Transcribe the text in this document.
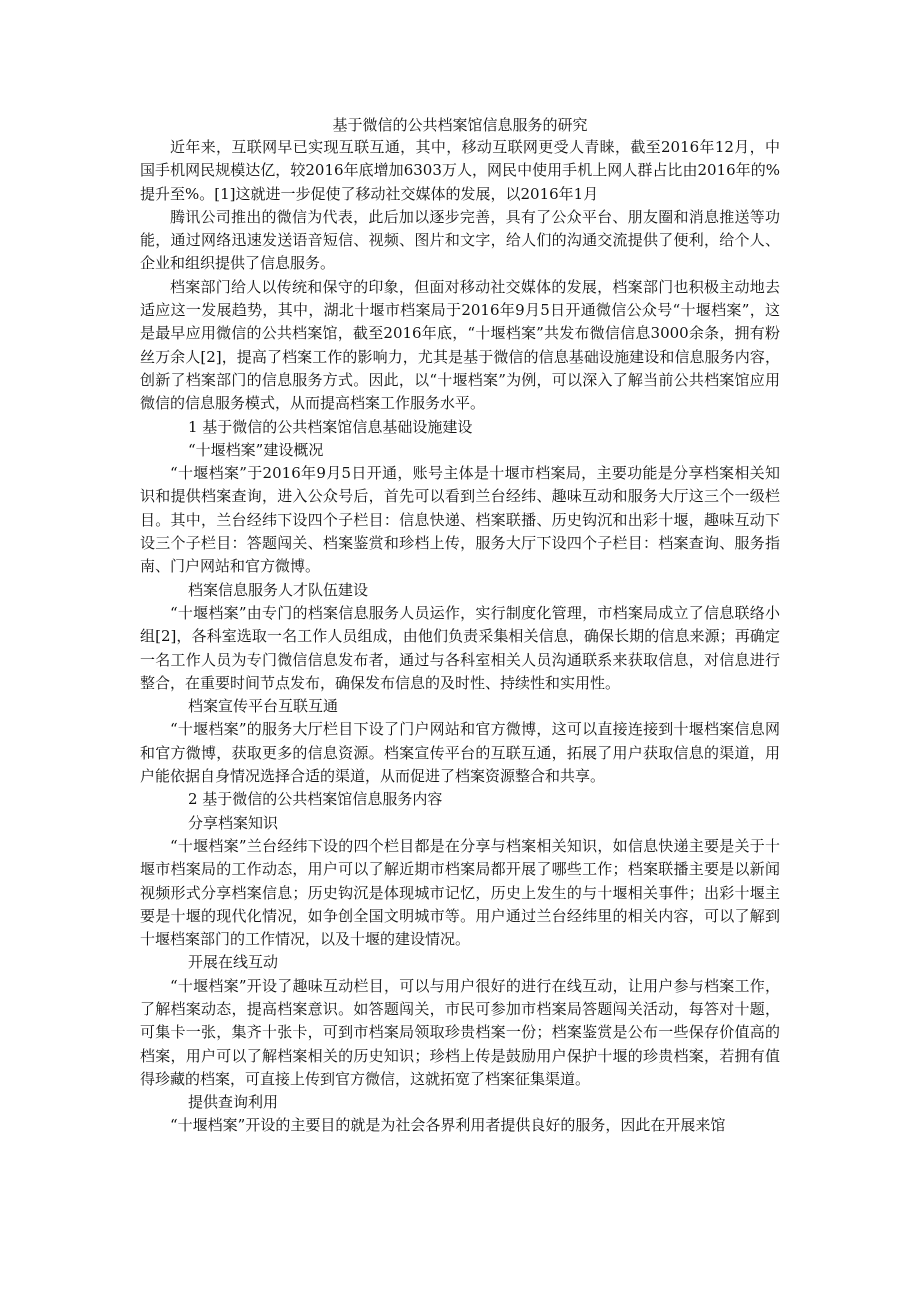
基于微信的公共档案馆信息服务的研究

近年来，互联网早已实现互联互通，其中，移动互联网更受人青睐，截至2016年12月，中国手机网民规模达亿，较2016年底增加6303万人，网民中使用手机上网人群占比由2016年的%提升至%。[1]这就进一步促使了移动社交媒体的发展，以2016年1月

腾讯公司推出的微信为代表，此后加以逐步完善，具有了公众平台、朋友圈和消息推送等功能，通过网络迅速发送语音短信、视频、图片和文字，给人们的沟通交流提供了便利，给个人、企业和组织提供了信息服务。

档案部门给人以传统和保守的印象，但面对移动社交媒体的发展，档案部门也积极主动地去适应这一发展趋势，其中，湖北十堰市档案局于2016年9月5日开通微信公众号“十堰档案”，这是最早应用微信的公共档案馆，截至2016年底，“十堰档案”共发布微信信息3000余条，拥有粉丝万余人[2]，提高了档案工作的影响力，尤其是基于微信的信息基础设施建设和信息服务内容，创新了档案部门的信息服务方式。因此，以“十堰档案”为例，可以深入了解当前公共档案馆应用微信的信息服务模式，从而提高档案工作服务水平。

1 基于微信的公共档案馆信息基础设施建设

“十堰档案”建设概况

“十堰档案”于2016年9月5日开通，账号主体是十堰市档案局，主要功能是分享档案相关知识和提供档案查询，进入公众号后，首先可以看到兰台经纬、趣味互动和服务大厅这三个一级栏目。其中，兰台经纬下设四个子栏目：信息快递、档案联播、历史钩沉和出彩十堰，趣味互动下设三个子栏目：答题闯关、档案鉴赏和珍档上传，服务大厅下设四个子栏目：档案查询、服务指南、门户网站和官方微博。

档案信息服务人才队伍建设

“十堰档案”由专门的档案信息服务人员运作，实行制度化管理，市档案局成立了信息联络小组[2]，各科室选取一名工作人员组成，由他们负责采集相关信息，确保长期的信息来源；再确定一名工作人员为专门微信信息发布者，通过与各科室相关人员沟通联系来获取信息，对信息进行整合，在重要时间节点发布，确保发布信息的及时性、持续性和实用性。

档案宣传平台互联互通

“十堰档案”的服务大厅栏目下设了门户网站和官方微博，这可以直接连接到十堰档案信息网和官方微博，获取更多的信息资源。档案宣传平台的互联互通，拓展了用户获取信息的渠道，用户能依据自身情况选择合适的渠道，从而促进了档案资源整合和共享。

2 基于微信的公共档案馆信息服务内容

分享档案知识

“十堰档案”兰台经纬下设的四个栏目都是在分享与档案相关知识，如信息快递主要是关于十堰市档案局的工作动态，用户可以了解近期市档案局都开展了哪些工作；档案联播主要是以新闻视频形式分享档案信息；历史钩沉是体现城市记忆，历史上发生的与十堰相关事件；出彩十堰主要是十堰的现代化情况，如争创全国文明城市等。用户通过兰台经纬里的相关内容，可以了解到十堰档案部门的工作情况，以及十堰的建设情况。

开展在线互动

“十堰档案”开设了趣味互动栏目，可以与用户很好的进行在线互动，让用户参与档案工作，了解档案动态，提高档案意识。如答题闯关，市民可参加市档案局答题闯关活动，每答对十题，可集卡一张，集齐十张卡，可到市档案局领取珍贵档案一份；档案鉴赏是公布一些保存价值高的档案，用户可以了解档案相关的历史知识；珍档上传是鼓励用户保护十堰的珍贵档案，若拥有值得珍藏的档案，可直接上传到官方微信，这就拓宽了档案征集渠道。

提供查询利用

“十堰档案”开设的主要目的就是为社会各界利用者提供良好的服务，因此在开展来馆
